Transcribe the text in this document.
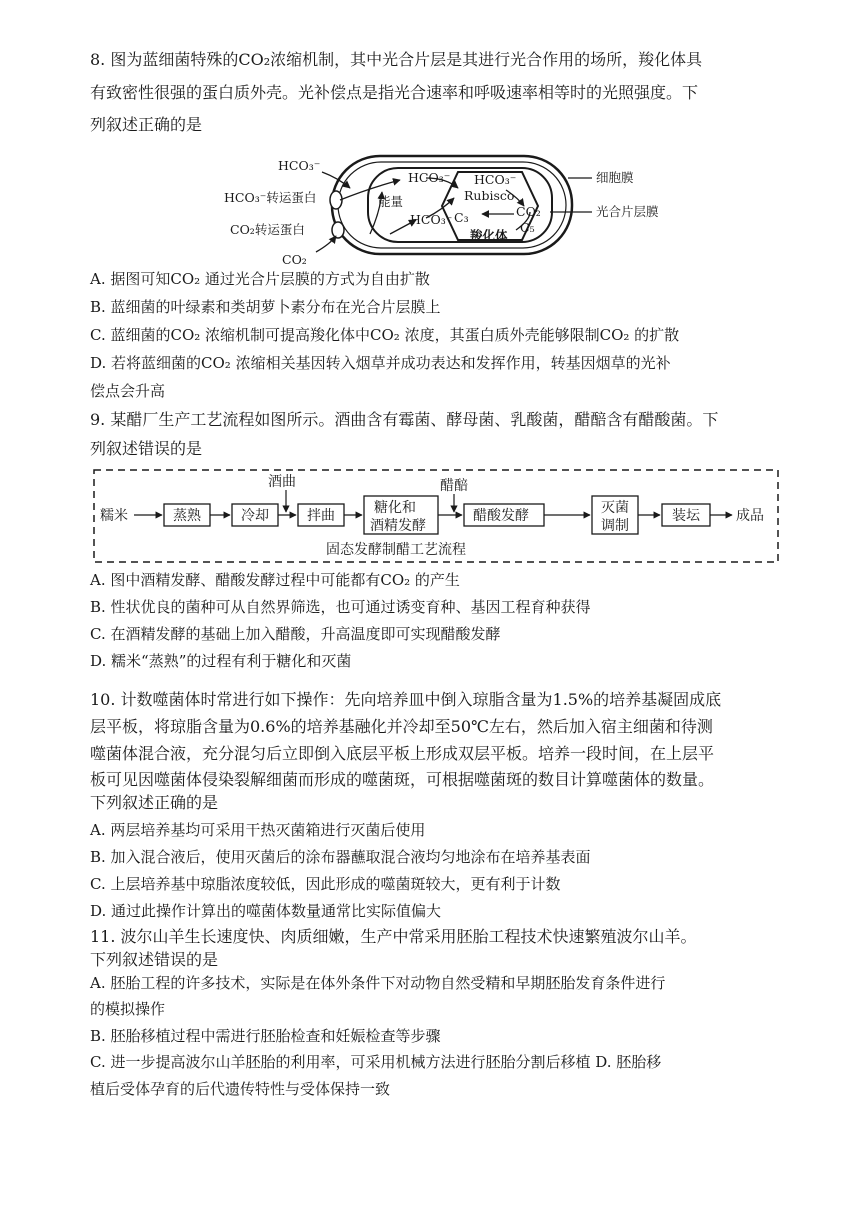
8. 图为蓝细菌特殊的CO₂浓缩机制，其中光合片层是其进行光合作用的场所，羧化体具
有致密性很强的蛋白质外壳。光补偿点是指光合速率和呼吸速率相等时的光照强度。下
列叙述正确的是
HCO₃⁻
HCO₃⁻转运蛋白
CO₂转运蛋白
CO₂
能量
HCO₃⁻
HCO₃⁻
HCO₃⁻
Rubisco
CO₂
C₃
C₅
羧化体
细胞膜
光合片层膜
A. 据图可知CO₂ 通过光合片层膜的方式为自由扩散
B. 蓝细菌的叶绿素和类胡萝卜素分布在光合片层膜上
C. 蓝细菌的CO₂ 浓缩机制可提高羧化体中CO₂ 浓度，其蛋白质外壳能够限制CO₂ 的扩散
D. 若将蓝细菌的CO₂ 浓缩相关基因转入烟草并成功表达和发挥作用，转基因烟草的光补
偿点会升高
9. 某醋厂生产工艺流程如图所示。酒曲含有霉菌、酵母菌、乳酸菌，醋醅含有醋酸菌。下
列叙述错误的是
糯米	蒸熟	冷却	拌曲	糖化和
酒精发酵
醋酸发酵	灭菌
调制
装坛	成品
酒曲	醋醅
固态发酵制醋工艺流程
A. 图中酒精发酵、醋酸发酵过程中可能都有CO₂ 的产生
B. 性状优良的菌种可从自然界筛选，也可通过诱变育种、基因工程育种获得
C. 在酒精发酵的基础上加入醋酸，升高温度即可实现醋酸发酵
D. 糯米“蒸熟”的过程有利于糖化和灭菌
10. 计数噬菌体时常进行如下操作：先向培养皿中倒入琼脂含量为1.5%的培养基凝固成底
层平板，将琼脂含量为0.6%的培养基融化并冷却至50℃左右，然后加入宿主细菌和待测
噬菌体混合液，充分混匀后立即倒入底层平板上形成双层平板。培养一段时间，在上层平
板可见因噬菌体侵染裂解细菌而形成的噬菌斑，可根据噬菌斑的数目计算噬菌体的数量。
下列叙述正确的是
A. 两层培养基均可采用干热灭菌箱进行灭菌后使用
B. 加入混合液后，使用灭菌后的涂布器蘸取混合液均匀地涂布在培养基表面
C. 上层培养基中琼脂浓度较低，因此形成的噬菌斑较大，更有利于计数
D. 通过此操作计算出的噬菌体数量通常比实际值偏大
11. 波尔山羊生长速度快、肉质细嫩，生产中常采用胚胎工程技术快速繁殖波尔山羊。
下列叙述错误的是
A. 胚胎工程的许多技术，实际是在体外条件下对动物自然受精和早期胚胎发育条件进行
的模拟操作
B. 胚胎移植过程中需进行胚胎检查和妊娠检查等步骤
C. 进一步提高波尔山羊胚胎的利用率，可采用机械方法进行胚胎分割后移植 D. 胚胎移
植后受体孕育的后代遗传特性与受体保持一致
